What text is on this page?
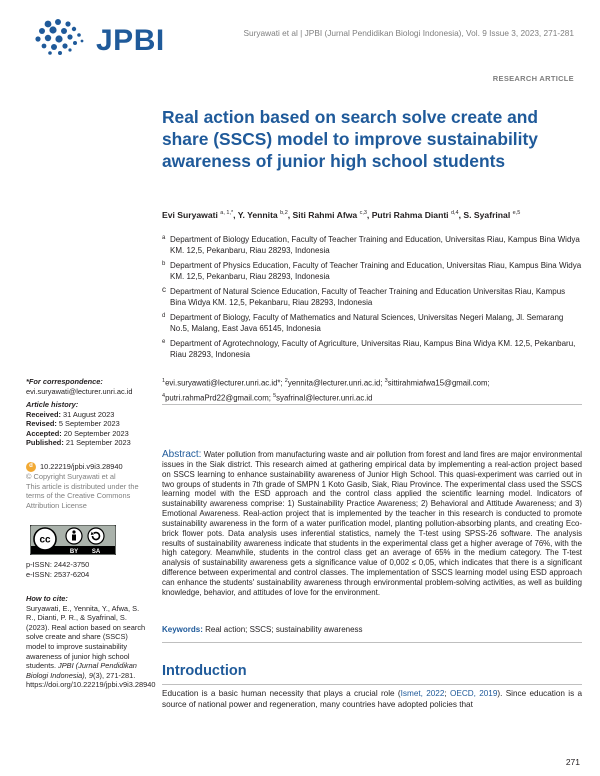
JPBI	Suryawati et al | JPBI (Jurnal Pendidikan Biologi Indonesia), Vol. 9 Issue 3, 2023, 271-281
RESEARCH ARTICLE
Real action based on search solve create and share (SSCS) model to improve sustainability awareness of junior high school students
Evi Suryawati $^{a, 1,*}$, Y. Yennita $^{b,2}$, Siti Rahmi Afwa $^{c,3}$, Putri Rahma Dianti $^{d,4}$, S. Syafrinal $^{e,5}$
a Department of Biology Education, Faculty of Teacher Training and Education, Universitas Riau, Kampus Bina Widya KM. 12,5, Pekanbaru, Riau 28293, Indonesia
b Department of Physics Education, Faculty of Teacher Training and Education, Universitas Riau, Kampus Bina Widya KM. 12,5, Pekanbaru, Riau 28293, Indonesia
c Department of Natural Science Education, Faculty of Teacher Training and Education Universitas Riau, Kampus Bina Widya KM. 12,5, Pekanbaru, Riau 28293, Indonesia
d Department of Biology, Faculty of Mathematics and Natural Sciences, Universitas Negeri Malang, Jl. Semarang No.5, Malang, East Java 65145, Indonesia
e Department of Agrotechnology, Faculty of Agriculture, Universitas Riau, Kampus Bina Widya KM. 12,5, Pekanbaru, Riau 28293, Indonesia
$^1$evi.suryawati@lecturer.unri.ac.id*; $^2$yennita@lecturer.unri.ac.id; $^3$sittirahmiafwa15@gmail.com;
$^4$putri.rahmaPrd22@gmail.com; $^5$syafrinal@lecturer.unri.ac.id
*For correspondence:
evi.suryawati@lecturer.unri.ac.id
Article history:
Received: 31 August 2023
Revised: 5 September 2023
Accepted: 20 September 2023
Published: 21 September 2023
d 10.22219/jpbi.v9i3.28940
© Copyright Suryawati et al
This article is distributed under the terms of the Creative Commons Attribution License
cc
BY SA
p-ISSN: 2442-3750
e-ISSN: 2537-6204
How to cite:
Suryawati, E., Yennita, Y., Afwa, S. R., Dianti, P. R., & Syafrinal, S. (2023). Real action based on search solve create and share (SSCS) model to improve sustainability awareness of junior high school students. JPBI (Jurnal Pendidikan Biologi Indonesia), 9(3), 271-281. https://doi.org/10.22219/jpbi.v9i3.28940
Abstract: Water pollution from manufacturing waste and air pollution from forest and land fires are major environmental issues in the Siak district. This research aimed at gathering empirical data by implementing a real-action project based on SSCS learning to enhance sustainability awareness of Junior High School. This quasi-experiment was carried out in two groups of students in 7th grade of SMPN 1 Koto Gasib, Siak, Riau Province. The experimental class used the SSCS learning model with the ESD approach and the control class applied the scientific learning model. Indicators of sustainability awareness comprise: 1) Sustainability Practice Awareness; 2) Behavioral and Attitude Awareness; and 3) Emotional Awareness. Real-action project that is implemented by the teacher in this research is conducted to promote sustainability awareness in the form of a water purification model, planting pollution-absorbing plants, and creating Eco-brick flower pots. Data analysis uses inferential statistics, namely the T-test using SPSS-26 software. The analysis results of sustainability awareness indicate that students in the experimental class get a higher average of 76%, with the high category. Meanwhile, students in the control class get an average of 65% in the medium category. The T-test analysis of sustainability awareness gets a significance value of 0,002 ≤ 0,05, which indicates that there is a significant difference between experimental and control classes. The implementation of SSCS learning model using ESD approach can enhance the students' sustainability awareness through environmental problem-solving activities, as well as building knowledge, behavior, and attitudes of love for the environment.
Keywords: Real action; SSCS; sustainability awareness
Introduction

Education is a basic human necessity that plays a crucial role (Ismet, 2022; OECD, 2019). Since education is a source of national power and regeneration, many countries have adopted policies that

271
